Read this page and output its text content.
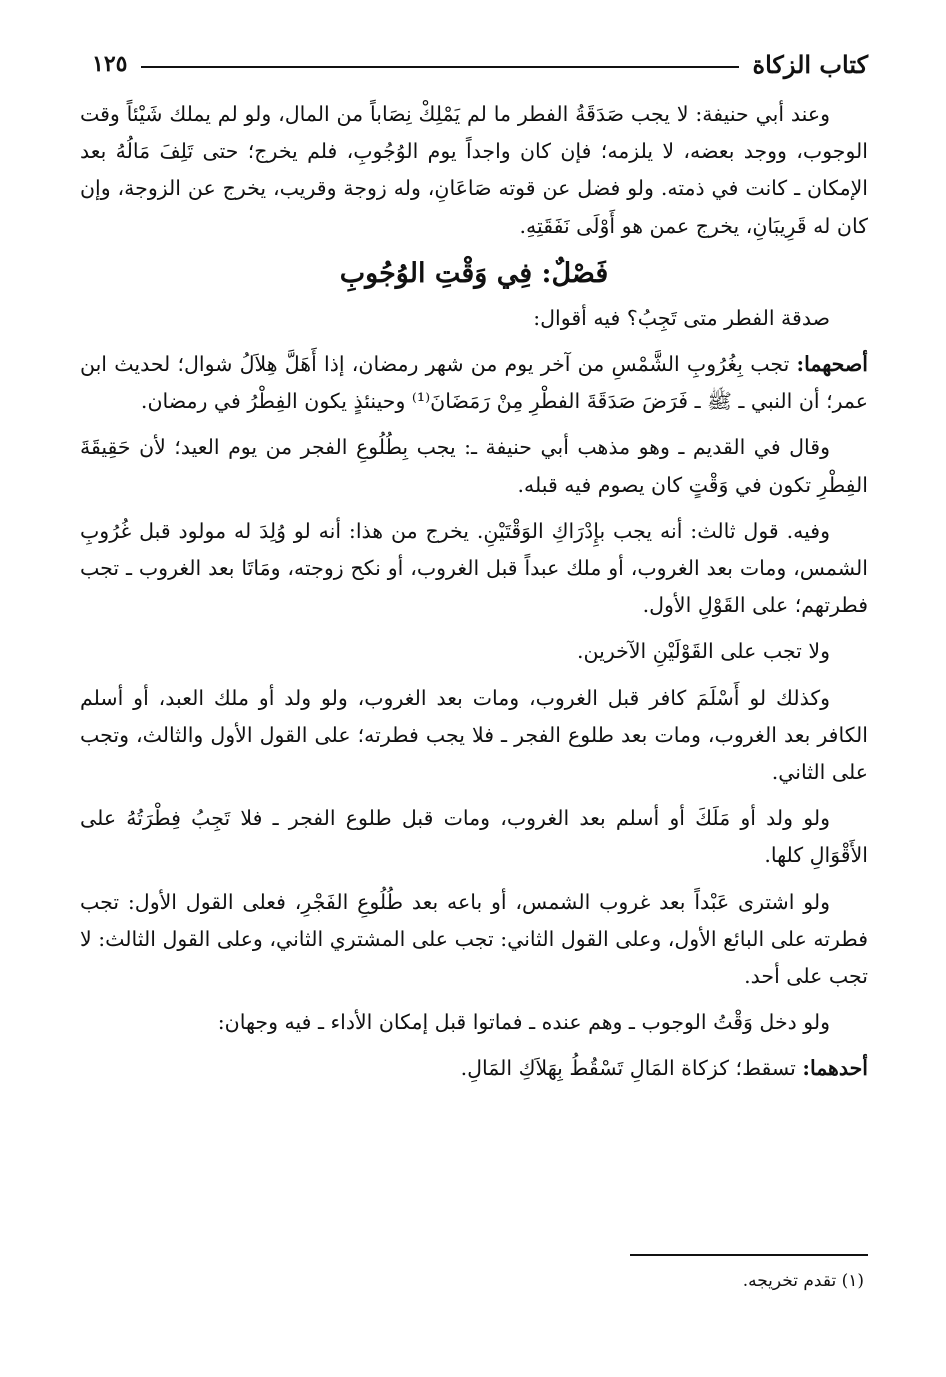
كتاب الزكاة
١٢٥

وعند أبي حنيفة: لا يجب صَدَقَةُ الفطر ما لم يَمْلِكْ نِصَاباً من المال، ولو لم يملك شَيْئاً وقت الوجوب، ووجد بعضه، لا يلزمه؛ فإن كان واجداً يوم الوُجُوبِ، فلم يخرج؛ حتى تَلِفَ مَالُهُ بعد الإمكان ـ كانت في ذمته. ولو فضل عن قوته صَاعَانِ، وله زوجة وقريب، يخرج عن الزوجة، وإن كان له قَرِيبَانِ، يخرج عمن هو أَوْلَى نَفَقَتِهِ.

فَصْلٌ: فِي وَقْتِ الوُجُوبِ

صدقة الفطر متى تَجِبُ؟ فيه أقوال:

أصحهما: تجب بِغُرُوبِ الشَّمْسِ من آخر يوم من شهر رمضان، إذا أَهَلَّ هِلاَلُ شوال؛ لحديث ابن عمر؛ أن النبي ـ ﷺ ـ فَرَضَ صَدَقَةَ الفطْرِ مِنْ رَمَضَانَ⁽¹⁾ وحينئذٍ يكون الفِطْرُ في رمضان.

وقال في القديم ـ وهو مذهب أبي حنيفة ـ: يجب بِطُلُوعِ الفجر من يوم العيد؛ لأن حَقِيقَةَ الفِطْرِ تكون في وَقْتٍ كان يصوم فيه قبله.

وفيه. قول ثالث: أنه يجب بإِدْرَاكِ الوَقْتَيْنِ. يخرج من هذا: أنه لو وُلِدَ له مولود قبل غُرُوبِ الشمس، ومات بعد الغروب، أو ملك عبداً قبل الغروب، أو نكح زوجته، ومَاتَا بعد الغروب ـ تجب فطرتهم؛ على القَوْلِ الأول.

ولا تجب على القَوْلَيْنِ الآخرين.

وكذلك لو أَسْلَمَ كافر قبل الغروب، ومات بعد الغروب، ولو ولد أو ملك العبد، أو أسلم الكافر بعد الغروب، ومات بعد طلوع الفجر ـ فلا يجب فطرته؛ على القول الأول والثالث، وتجب على الثاني.

ولو ولد أو مَلَكَ أو أسلم بعد الغروب، ومات قبل طلوع الفجر ـ فلا تَجِبُ فِطْرَتُهُ على الأَقْوَالِ كلها.

ولو اشترى عَبْداً بعد غروب الشمس، أو باعه بعد طُلُوعِ الفَجْرِ، فعلى القول الأول: تجب فطرته على البائع الأول، وعلى القول الثاني: تجب على المشتري الثاني، وعلى القول الثالث: لا تجب على أحد.

ولو دخل وَقْتُ الوجوب ـ وهم عنده ـ فماتوا قبل إمكان الأداء ـ فيه وجهان:

أحدهما: تسقط؛ كزكاة المَالِ تَسْقُطُ بِهَلاَكِ المَالِ.

(١) تقدم تخريجه.
